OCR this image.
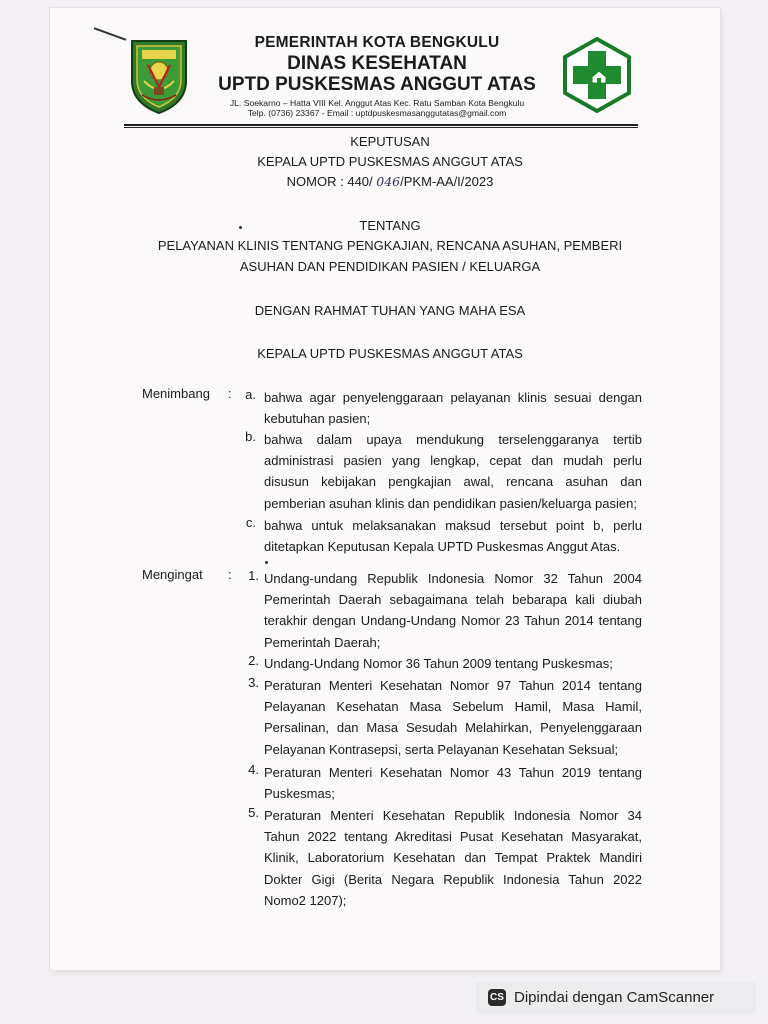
PEMERINTAH KOTA BENGKULU
DINAS KESEHATAN
UPTD PUSKESMAS ANGGUT ATAS
JL. Soekarno – Hatta VIII Kel. Anggut Atas Kec. Ratu Samban Kota Bengkulu
Telp. (0736) 23367 - Email : uptdpuskesmasanggutatas@gmail.com
KEPUTUSAN
KEPALA UPTD PUSKESMAS ANGGUT ATAS
NOMOR : 440/ 046/PKM-AA/I/2023
TENTANG
PELAYANAN KLINIS TENTANG PENGKAJIAN, RENCANA ASUHAN, PEMBERI
ASUHAN DAN PENDIDIKAN PASIEN / KELUARGA
DENGAN RAHMAT TUHAN YANG MAHA ESA
KEPALA UPTD PUSKESMAS ANGGUT ATAS
Menimbang :	a. bahwa agar penyelenggaraan pelayanan klinis sesuai dengan
kebutuhan pasien;
b. bahwa dalam upaya mendukung terselenggaranya tertib
administrasi pasien yang lengkap, cepat dan mudah perlu
disusun kebijakan pengkajian awal, rencana asuhan dan
pemberian asuhan klinis dan pendidikan pasien/keluarga pasien;
c. bahwa untuk melaksanakan maksud tersebut point b, perlu
ditetapkan Keputusan Kepala UPTD Puskesmas Anggut Atas.
Mengingat :	1. Undang-undang Republik Indonesia Nomor 32 Tahun 2004
Pemerintah Daerah sebagaimana telah bebarapa kali diubah
terakhir dengan Undang-Undang Nomor 23 Tahun 2014 tentang
Pemerintah Daerah;
2. Undang-Undang Nomor 36 Tahun 2009 tentang Puskesmas;
3. Peraturan Menteri Kesehatan Nomor 97 Tahun 2014 tentang
Pelayanan Kesehatan Masa Sebelum Hamil, Masa Hamil,
Persalinan, dan Masa Sesudah Melahirkan, Penyelenggaraan
Pelayanan Kontrasepsi, serta Pelayanan Kesehatan Seksual;
4. Peraturan Menteri Kesehatan Nomor 43 Tahun 2019 tentang
Puskesmas;
5. Peraturan Menteri Kesehatan Republik Indonesia Nomor 34
Tahun 2022 tentang Akreditasi Pusat Kesehatan Masyarakat,
Klinik, Laboratorium Kesehatan dan Tempat Praktek Mandiri
Dokter Gigi (Berita Negara Republik Indonesia Tahun 2022
Nomo2 1207);
CS Dipindai dengan CamScanner
